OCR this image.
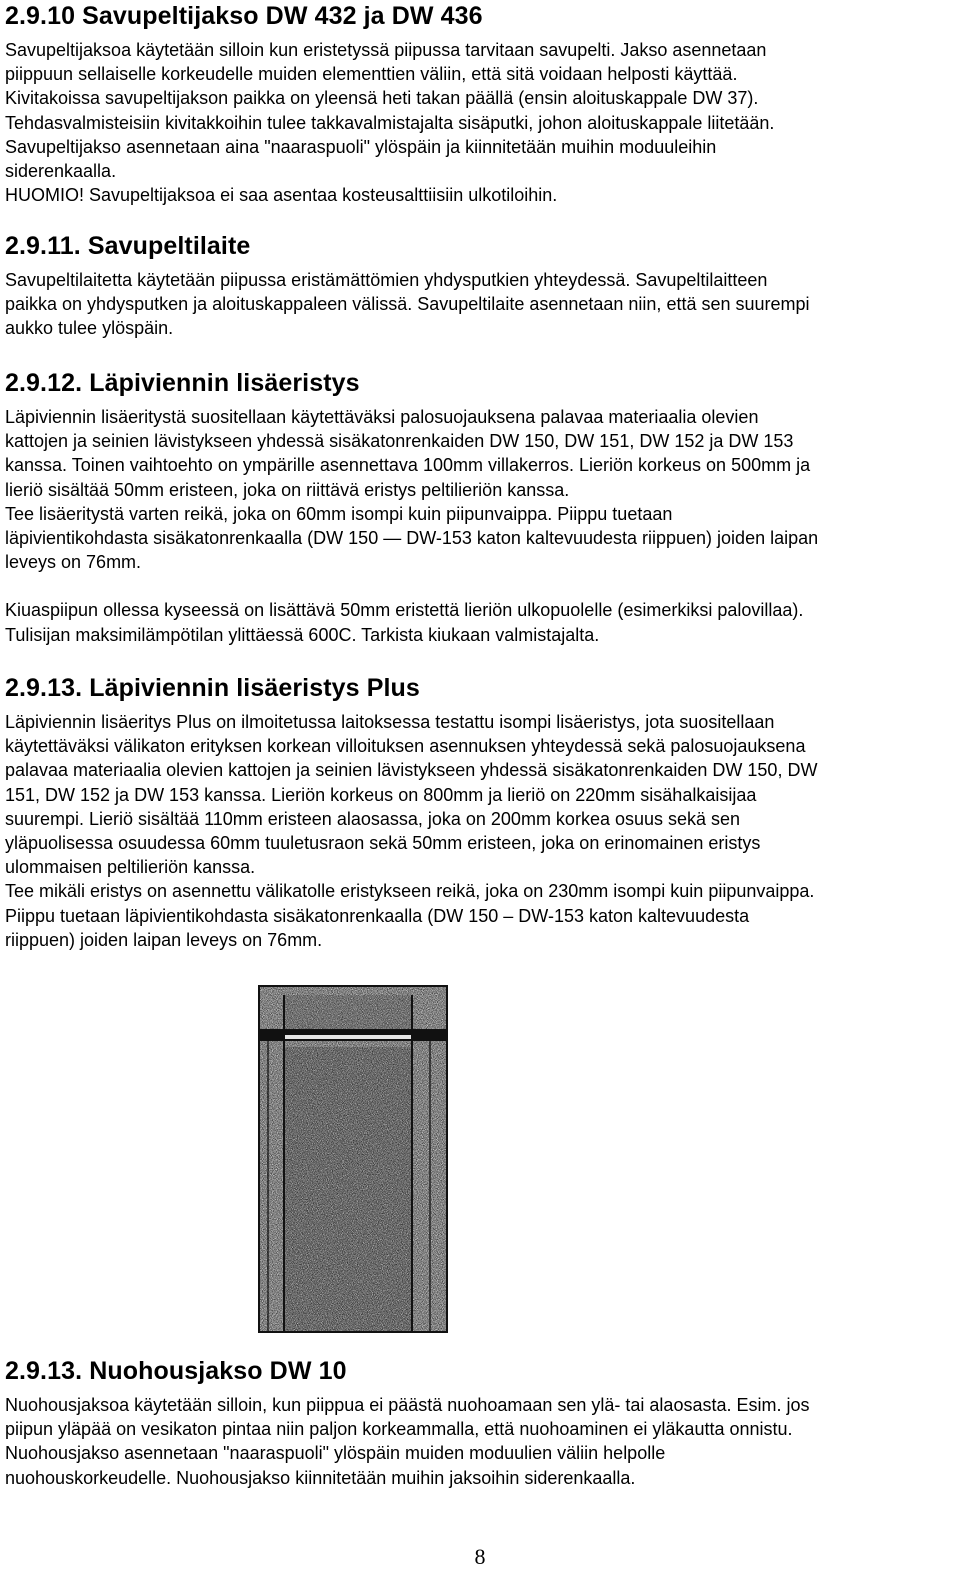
2.9.10 Savupeltijakso DW 432 ja DW 436
Savupeltijaksoa käytetään silloin kun eristetyssä piipussa tarvitaan savupelti. Jakso asennetaan
piippuun sellaiselle korkeudelle muiden elementtien väliin, että sitä voidaan helposti käyttää.
Kivitakoissa savupeltijakson paikka on yleensä heti takan päällä (ensin aloituskappale DW 37).
Tehdasvalmisteisiin kivitakkoihin tulee takkavalmistajalta sisäputki, johon aloituskappale liitetään.
Savupeltijakso asennetaan aina "naaraspuoli" ylöspäin ja kiinnitetään muihin moduuleihin
siderenkaalla.
HUOMIO! Savupeltijaksoa ei saa asentaa kosteusalttiisiin ulkotiloihin.
2.9.11. Savupeltilaite
Savupeltilaitetta käytetään piipussa eristämättömien yhdysputkien yhteydessä. Savupeltilaitteen
paikka on yhdysputken ja aloituskappaleen välissä. Savupeltilaite asennetaan niin, että sen suurempi
aukko tulee ylöspäin.
2.9.12. Läpiviennin lisäeristys
Läpiviennin lisäeritystä suositellaan käytettäväksi palosuojauksena palavaa materiaalia olevien
kattojen ja seinien lävistykseen yhdessä sisäkatonrenkaiden DW 150, DW 151, DW 152 ja DW 153
kanssa. Toinen vaihtoehto on ympärille asennettava 100mm villakerros. Lieriön korkeus on 500mm ja
lieriö sisältää 50mm eristeen, joka on riittävä eristys peltilieriön kanssa.
Tee lisäeritystä varten reikä, joka on 60mm isompi kuin piipunvaippa. Piippu tuetaan
läpivientikohdasta sisäkatonrenkaalla (DW 150 — DW-153 katon kaltevuudesta riippuen) joiden laipan
leveys on 76mm.
Kiuaspiipun ollessa kyseessä on lisättävä 50mm eristettä lieriön ulkopuolelle (esimerkiksi palovillaa).
Tulisijan maksimilämpötilan ylittäessä 600C. Tarkista kiukaan valmistajalta.
2.9.13. Läpiviennin lisäeristys Plus
Läpiviennin lisäeritys Plus on ilmoitetussa laitoksessa testattu isompi lisäeristys, jota suositellaan
käytettäväksi välikaton erityksen korkean villoituksen asennuksen yhteydessä sekä palosuojauksena
palavaa materiaalia olevien kattojen ja seinien lävistykseen yhdessä sisäkatonrenkaiden DW 150, DW
151, DW 152 ja DW 153 kanssa. Lieriön korkeus on 800mm ja lieriö on 220mm sisähalkaisijaa
suurempi. Lieriö sisältää 110mm eristeen alaosassa, joka on 200mm korkea osuus sekä sen
yläpuolisessa osuudessa 60mm tuuletusraon sekä 50mm eristeen, joka on erinomainen eristys
ulommaisen peltilieriön kanssa.
Tee mikäli eristys on asennettu välikatolle eristykseen reikä, joka on 230mm isompi kuin piipunvaippa.
Piippu tuetaan läpivientikohdasta sisäkatonrenkaalla (DW 150 – DW-153 katon kaltevuudesta
riippuen) joiden laipan leveys on 76mm.
2.9.13. Nuohousjakso DW 10
Nuohousjaksoa käytetään silloin, kun piippua ei päästä nuohoamaan sen ylä- tai alaosasta. Esim. jos
piipun yläpää on vesikaton pintaa niin paljon korkeammalla, että nuohoaminen ei yläkautta onnistu.
Nuohousjakso asennetaan "naaraspuoli" ylöspäin muiden moduulien väliin helpolle
nuohouskorkeudelle. Nuohousjakso kiinnitetään muihin jaksoihin siderenkaalla.
8
